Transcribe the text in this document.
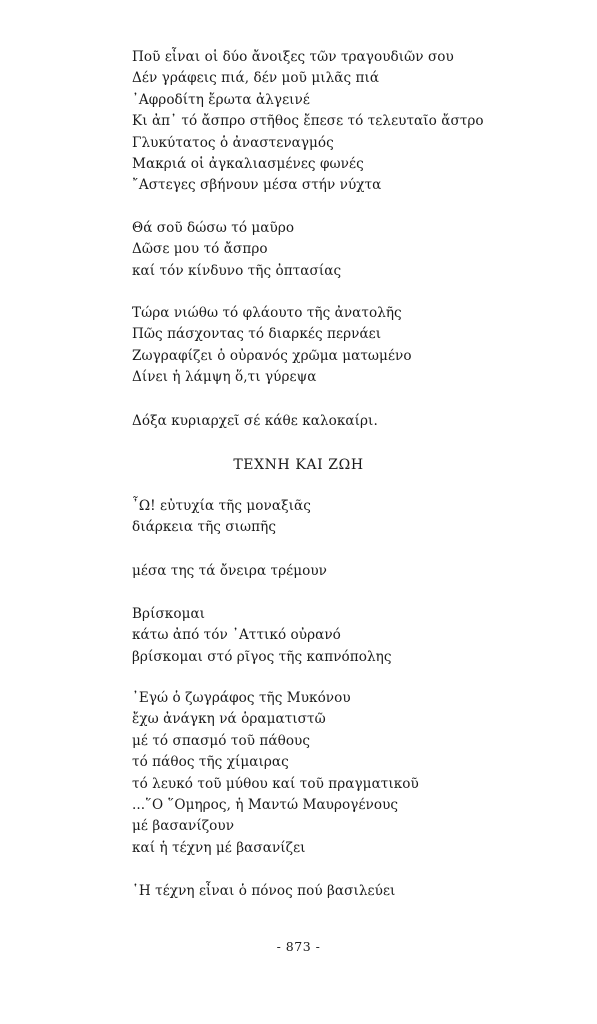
Ποῦ εἶναι οἱ δύο ἄνοιξες τῶν τραγουδιῶν σου
Δέν γράφεις πιά, δέν μοῦ μιλᾶς πιά
᾿Αφροδίτη ἔρωτα ἀλγεινέ
Κι ἀπ᾿ τό ἄσπρο στῆθος ἔπεσε τό τελευταῖο ἄστρο
Γλυκύτατος ὁ ἀναστεναγμός
Μακριά οἱ ἀγκαλιασμένες φωνές
῎Αστεγες σβήνουν μέσα στήν νύχτα
Θά σοῦ δώσω τό μαῦρο
Δῶσε μου τό ἄσπρο
καί τόν κίνδυνο τῆς ὀπτασίας
Τώρα νιώθω τό φλάουτο τῆς ἀνατολῆς
Πῶς πάσχοντας τό διαρκές περνάει
Ζωγραφίζει ὁ οὐρανός χρῶμα ματωμένο
Δίνει ἡ λάμψη ὅ,τι γύρεψα
Δόξα κυριαρχεῖ σέ κάθε καλοκαίρι.
ΤΕΧΝΗ ΚΑΙ ΖΩΗ
῏Ω! εὐτυχία τῆς μοναξιᾶς
διάρκεια τῆς σιωπῆς
μέσα της τά ὄνειρα τρέμουν
Βρίσκομαι
κάτω ἀπό τόν ᾿Αττικό οὐρανό
βρίσκομαι στό ρῖγος τῆς καπνόπολης
᾿Εγώ ὁ ζωγράφος τῆς Μυκόνου
ἔχω ἀνάγκη νά ὁραματιστῶ
μέ τό σπασμό τοῦ πάθους
τό πάθος τῆς χίμαιρας
τό λευκό τοῦ μύθου καί τοῦ πραγματικοῦ
...῞Ο ῞Ομηρος, ἡ Μαντώ Μαυρογένους
μέ βασανίζουν
καί ἡ τέχνη μέ βασανίζει
῾Η τέχνη εἶναι ὁ πόνος πού βασιλεύει
- 873 -
